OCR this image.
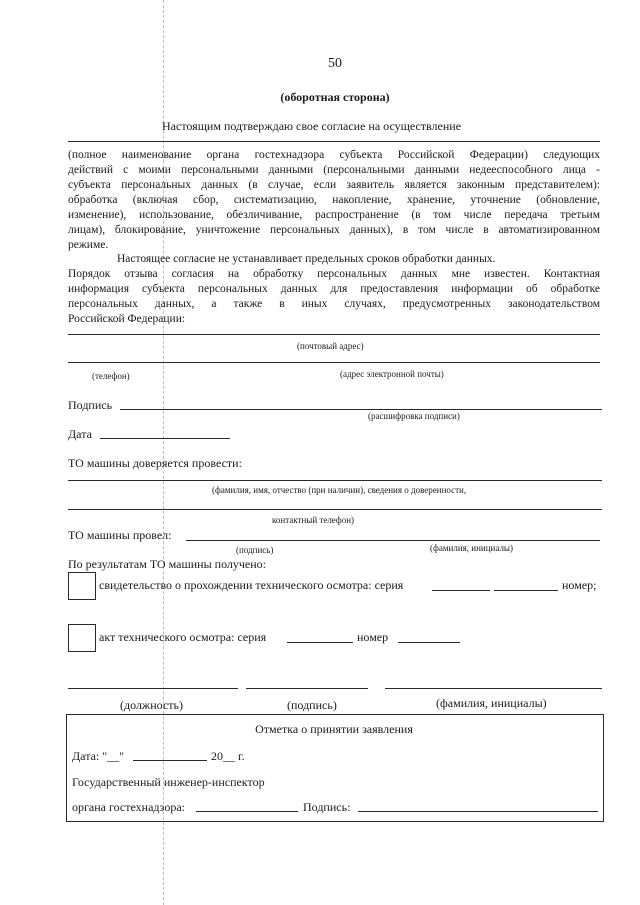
50
(оборотная сторона)
Настоящим подтверждаю свое согласие на осуществление
(полное наименование органа гостехнадзора субъекта Российской Федерации) следующих
действий с моими персональными данными (персональными данными недееспособного лица -
субъекта персональных данных (в случае, если заявитель является законным представителем):
обработка (включая сбор, систематизацию, накопление, хранение, уточнение (обновление,
изменение), использование, обезличивание, распространение (в том числе передача третьим
лицам), блокирование, уничтожение персональных данных), в том числе в автоматизированном
режиме.
Настоящее согласие не устанавливает предельных сроков обработки данных.
Порядок отзыва согласия на обработку персональных данных мне известен. Контактная
информация субъекта персональных данных для предоставления информации об обработке
персональных данных, а также в иных случаях, предусмотренных законодательством
Российской Федерации:
(почтовый адрес)
(телефон)	(адрес электронной почты)
Подпись
(расшифровка подписи)
Дата
ТО машины доверяется провести:
(фамилия, имя, отчество (при наличии), сведения о доверенности,
контактный телефон)
ТО машины провел:
(подпись)	(фамилия, инициалы)
По результатам ТО машины получено:
свидетельство о прохождении технического осмотра: серия	номер;
акт технического осмотра: серия	номер
(должность)	(подпись)	(фамилия, инициалы)
Отметка о принятии заявления
Дата: "__"	20__ г.
Государственный инженер-инспектор
органа гостехнадзора:	Подпись:
